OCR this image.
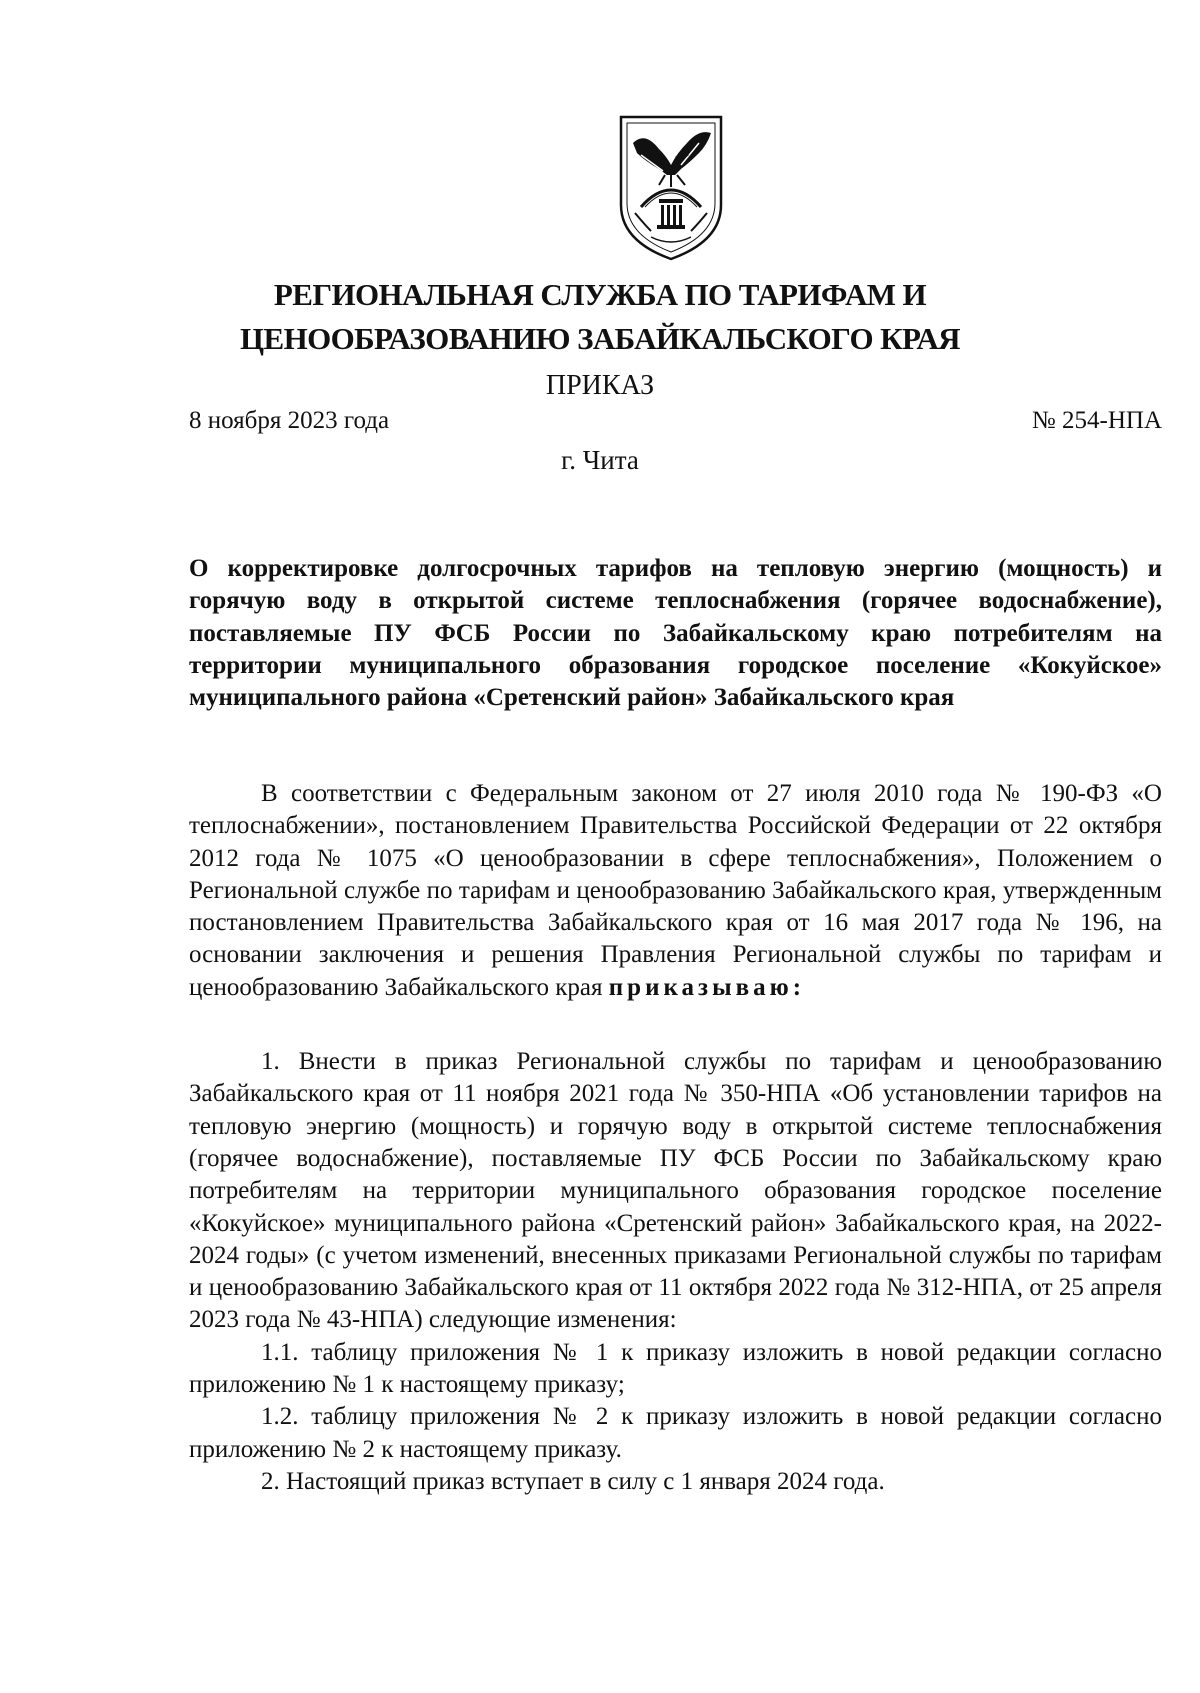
РЕГИОНАЛЬНАЯ СЛУЖБА ПО ТАРИФАМ И
ЦЕНООБРАЗОВАНИЮ ЗАБАЙКАЛЬСКОГО КРАЯ
ПРИКАЗ
8 ноября 2023 года	№ 254-НПА
г. Чита

О корректировке долгосрочных тарифов на тепловую энергию (мощность) и горячую воду в открытой системе теплоснабжения (горячее водоснабжение), поставляемые ПУ ФСБ России по Забайкальскому краю потребителям на территории муниципального образования городское поселение «Кокуйское» муниципального района «Сретенский район» Забайкальского края

В соответствии с Федеральным законом от 27 июля 2010 года № 190-ФЗ «О теплоснабжении», постановлением Правительства Российской Федерации от 22 октября 2012 года № 1075 «О ценообразовании в сфере теплоснабжения», Положением о Региональной службе по тарифам и ценообразованию Забайкальского края, утвержденным постановлением Правительства Забайкальского края от 16 мая 2017 года № 196, на основании заключения и решения Правления Региональной службы по тарифам и ценообразованию Забайкальского края приказываю:

1. Внести в приказ Региональной службы по тарифам и ценообразованию Забайкальского края от 11 ноября 2021 года № 350-НПА «Об установлении тарифов на тепловую энергию (мощность) и горячую воду в открытой системе теплоснабжения (горячее водоснабжение), поставляемые ПУ ФСБ России по Забайкальскому краю потребителям на территории муниципального образования городское поселение «Кокуйское» муниципального района «Сретенский район» Забайкальского края, на 2022-2024 годы» (с учетом изменений, внесенных приказами Региональной службы по тарифам и ценообразованию Забайкальского края от 11 октября 2022 года № 312-НПА, от 25 апреля 2023 года № 43-НПА) следующие изменения:

1.1. таблицу приложения № 1 к приказу изложить в новой редакции согласно приложению № 1 к настоящему приказу;

1.2. таблицу приложения № 2 к приказу изложить в новой редакции согласно приложению № 2 к настоящему приказу.

2. Настоящий приказ вступает в силу с 1 января 2024 года.
